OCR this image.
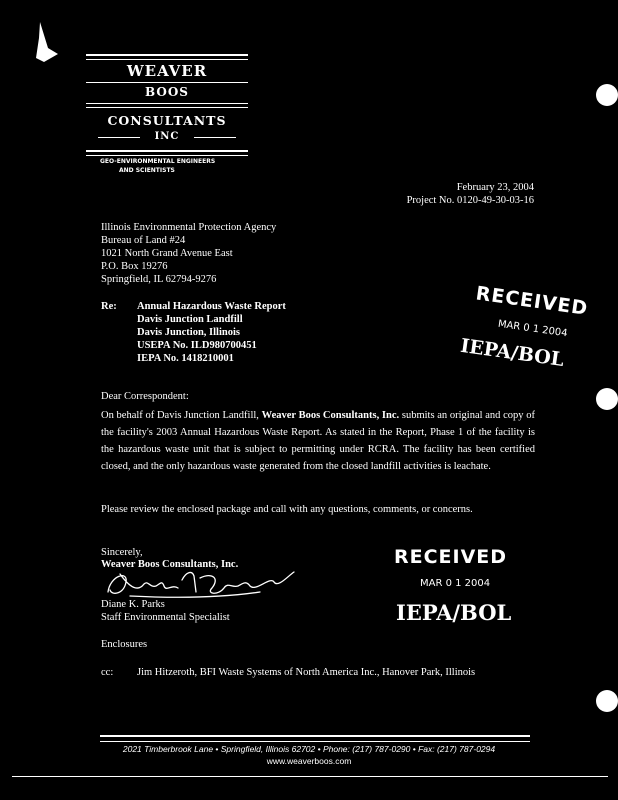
WEAVER
BOOS
CONSULTANTS
INC
GEO-ENVIRONMENTAL ENGINEERS
AND SCIENTISTS
February 23, 2004
Project No. 0120-49-30-03-16
Illinois Environmental Protection Agency
Bureau of Land #24
1021 North Grand Avenue East
P.O. Box 19276
Springfield, IL 62794-9276
Re: Annual Hazardous Waste Report
Davis Junction Landfill
Davis Junction, Illinois
USEPA No. ILD980700451
IEPA No. 1418210001
RECEIVED
MAR 0 1 2004
IEPA/BOL
Dear Correspondent:
On behalf of Davis Junction Landfill, Weaver Boos Consultants, Inc. submits an original and copy of the facility's 2003 Annual Hazardous Waste Report. As stated in the Report, Phase 1 of the facility is the hazardous waste unit that is subject to permitting under RCRA. The facility has been certified closed, and the only hazardous waste generated from the closed landfill activities is leachate.
Please review the enclosed package and call with any questions, comments, or concerns.
Sincerely,
Weaver Boos Consultants, Inc.
Diane K. Parks
Staff Environmental Specialist
RECEIVED
MAR 0 1 2004
IEPA/BOL
Enclosures
cc: Jim Hitzeroth, BFI Waste Systems of North America Inc., Hanover Park, Illinois
2021 Timberbrook Lane • Springfield, Illinois 62702 • Phone: (217) 787-0290 • Fax: (217) 787-0294
www.weaverboos.com
